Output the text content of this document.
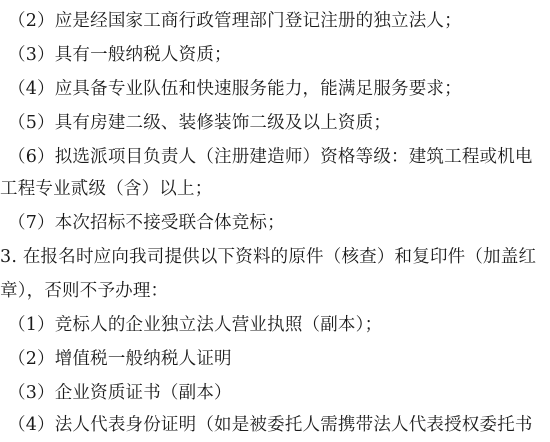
（2）应是经国家工商行政管理部门登记注册的独立法人；
（3）具有一般纳税人资质；
（4）应具备专业队伍和快速服务能力，能满足服务要求；
（5）具有房建二级、装修装饰二级及以上资质；
（6）拟选派项目负责人（注册建造师）资格等级：建筑工程或机电
工程专业贰级（含）以上；
（7）本次招标不接受联合体竞标；
3. 在报名时应向我司提供以下资料的原件（核查）和复印件（加盖红
章），否则不予办理：
（1）竞标人的企业独立法人营业执照（副本）；
（2）增值税一般纳税人证明
（3）企业资质证书（副本）
（4）法人代表身份证明（如是被委托人需携带法人代表授权委托书
